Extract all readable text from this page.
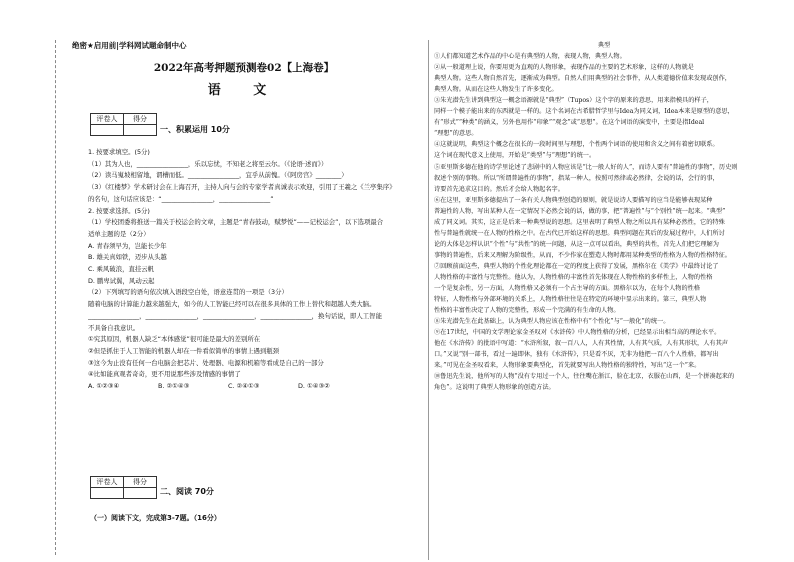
绝密★启用前|学科网试题命制中心
2022年高考押题预测卷02【上海卷】
语 文
评卷人	得分

一、积累运用 10分
1. 按要求填空。(5分)
（1）其为人也，________________，乐以忘忧，不知老之将至云尔。（《论语·述而》）
（2）读马嵬坡相留地，谓槽而低。________________，宜乎从前愧。（《阿房宫》________）
（3）《红楼梦》学术研讨会在上海召开，主持人向与会的专家学者真诚表示欢迎，引用了王羲之《兰亭集序》
的名句，这句话应该是：“________________，________________”
2. 按要求选择。(5分)
（1）学校团委将推送一篇关于校运会的文章，主题是“青春鼓动，赋梦悦”——记校运会”，以下选项最合
适单主题的是（2分）
A. 青春须早为，岂能长少年
B. 雄关真如铁，迈步从头越
C. 乘风破浪，直挂云帆
D. 鹏卑试翼，风动云起
（2）下列填写的语句依次填入语段空白处，语意连贯的一项是（3分）
随着电脑的计算能力越来越强大，如今的人工智能已经可以在很多具体的工作上替代和超越人类大脑。
________________，________________，________________，________________，换句话说，即人工智能
不具备自我意识。
①究其原因，机器人缺乏“本体感觉”很可能是最大的差别所在
②但是抓住于人工智能的机器人却在一件看似简单的事情上遇到瓶颈
③这今为止没有任何一台电脑会把芯片、处理器、电源和机箱等看成是自己的一部分
④比如能真观者奇奇，更不用说那些涉及情感的事情了
A. ①②③④	B. ②①④③	C. ②④①③	D. ①④③②
评卷人	得分

二、阅读 70分
（一）阅读下文，完成第3-7题。（16分）
典型
①人们都知道艺术作品的中心是有典型的人物，表现人物，典型人物。
②从一般道理上说，你要用更为直观的人物形象，表现作品的主要的艺术形象，这样的人物就是
典型人物。这些人物自然首先，逐渐成为典型。自然人们用典型的社会事件，从人类道德价值来发现或创作，
典型人物。从而在这些人物发生了许多变化。
③朱光潜先生讲到典型这一概念语源就是“典型”（Tupos）这个字的原来的意思，用来指模具的样子，
同样一个模子能出来的东西就是一样的。这个名词在古希腊哲学里与Idea为同义词，Idea本来是原型的意思，
有“形式”“种类”的涵义，另外也用作“印象”“观念”或“思想”。在这个词语的演变中，主要是指Ideal
“理想”的意思。
④这就说明，典型这个概念在很长的一段时间里与理想，个性两个词语的使用和含义之间有着密切联系。
这个词在现代意义上使用，开始是“类型”与“理想”的统一。
⑤亚里斯多德在他的诗学里论述了悲剧中的人物应该是“比一般人好的人”，而诗人要有“普遍性的事物”，历史则
叙述个别的事物。所以“所谓普遍性的事物”，指某一种人，按照可然律或必然律，会说的话，会行的事，
诗要首先追求这目的。然后才会给人物起名字。
⑥在这里，亚里斯多德提出了一条有关人物典型创造的原则，就是说诗人要描写的应当是能够表现某种
普遍性的人物，写出某种人在一定情况下必然会说的话，做的事，把“普遍性”与“个别性”统一起来。“典型”
成了同义词。其实，这正是后来一种典型说的思想。这里表明了典型人物之所以具有某种必然性，它的特殊
性与普遍性就统一在人物的性格之中。在古代已开始这样的思想。典型问题在其后的发展过程中，人们所讨
论的大体是怎样认识“个性”与“共性”的统一问题，从这一点可以看出，典型的共性，首先人们把它理解为
事物的普遍性，后来又理解为阶级性，从而，不少作家在塑造人物时都用某种类型的性格为人物的性格特征。
⑦回顾前面这些，典型人物的个性化理论都在一定的程度上获得了发展，黑格尔在《美学》中最终讨论了
人物性格的丰富性与完整性。他认为，人物性格的丰富性首先体现在人物性格的多样性上，人物的性格
一个是复杂性，另一方面，人物性格又必须有一个占主导的方面。黑格尔以为，在每个人物的性格
特征，人物性格与外部环境的关系上，人物性格往往是在特定的环境中显示出来的。第三，典型人物
性格的丰富性决定了人物的完整性，形成一个完满的有生命的人物。
⑧朱光潜先生在此基础上，认为典型人物应该在性格中有“个性化”与“一般化”的统一。
⑨在17世纪，中国的文学理论家金圣叹对《水浒传》中人物性格的分析，已经显示出相当高的理论水平。
他在《水浒传》的批语中写道：“水浒所叙，叙一百八人，人有其性情，人有其气质，人有其形状，人有其声
口。”又说“别一部书，看过一遍即休，独有《水浒传》，只是看不厌，无非为他把一百八个人性格，都写出
来。”可见在金圣叹看来，人物形象要典型化，首先就要写出人物性格的独特性，写出“这一个”来。
⑩鲁迅先生说，他所写的人物“没有专用过一个人，往往嘴在浙江，脸在北京，衣服在山西，是一个拼凑起来的
角色”。这说明了典型人物形象的创造方法。
